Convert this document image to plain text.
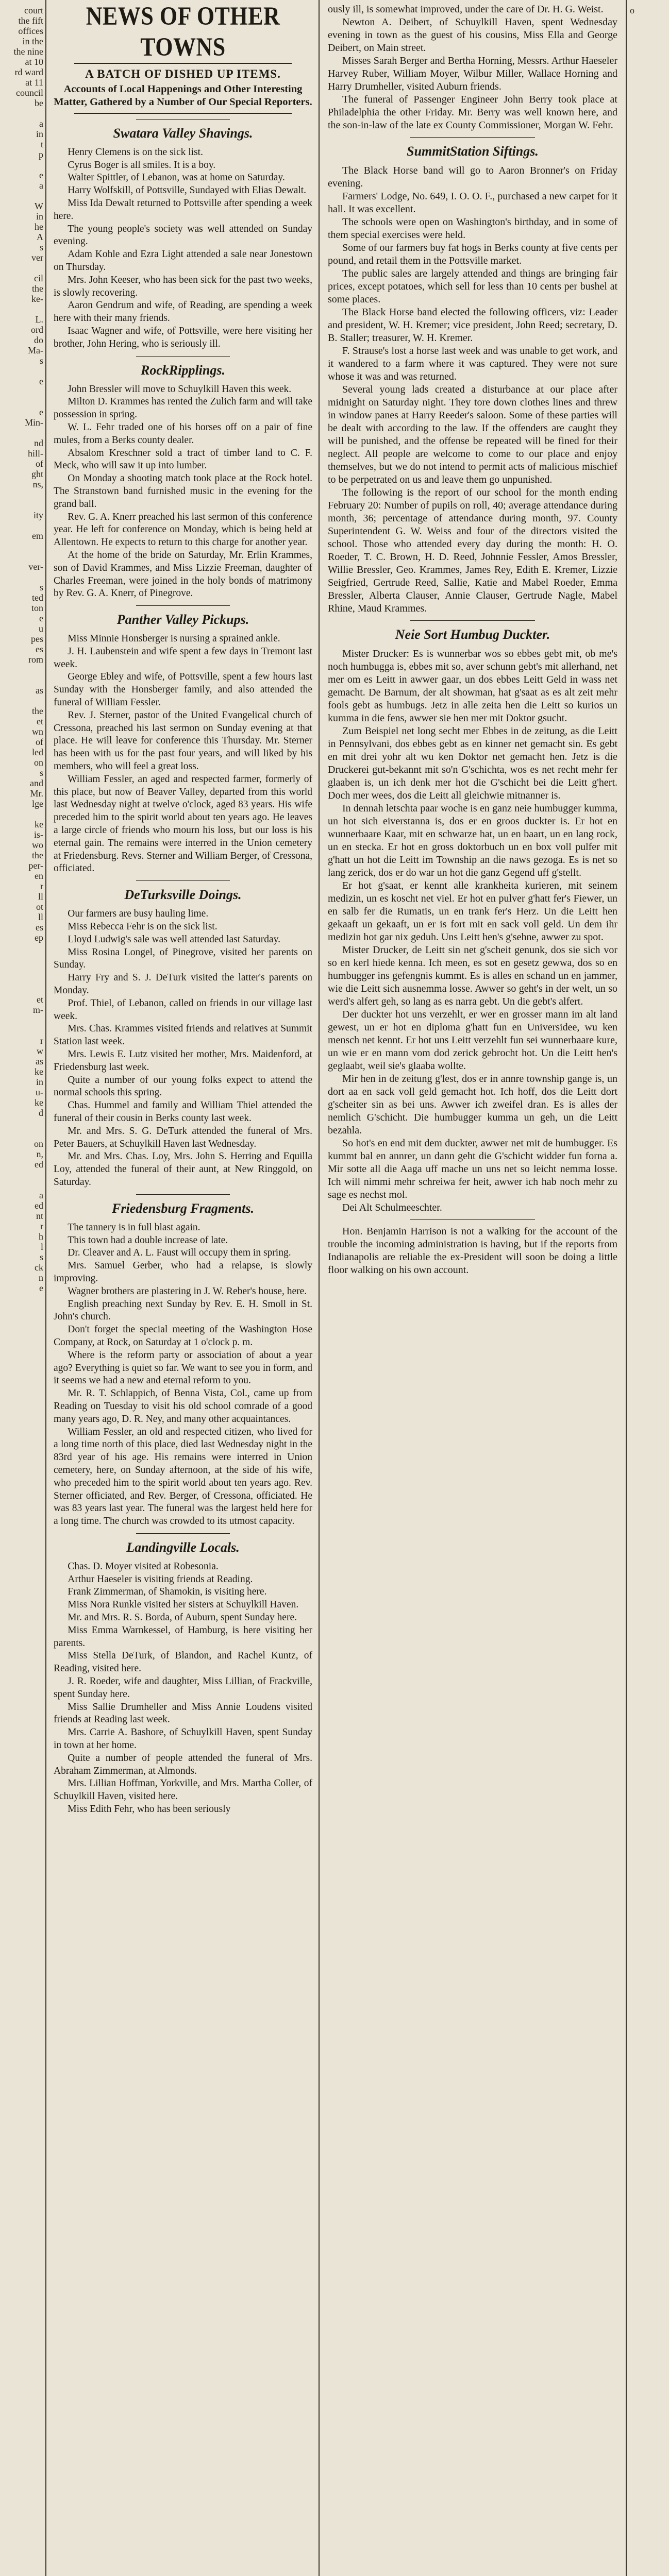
court
the fift
offices
in the
the nine
at 10
rd ward
at 11
council
be

a
in
t
p

e
a

W
in
he
A
s
ver

cil
the
ke-

L.
ord
do
Ma-
s

e

e
Min-

nd
hill-
of
ght
ns,

ity

em

ver-

s
ted
ton
e
u
pes
es
rom

as

the
et
wn
of
led
on
s
and
Mr.
lge

ke
is-
wo
the
per-
en
r
ll
ot
ll
es
ep

et
m-

r
w
as
ke
in
u-
ke
d

on
n,
ed

a
ed
nt
r
h
l
s
ck
n
e

NEWS OF OTHER TOWNS
A BATCH OF DISHED UP ITEMS.
Accounts of Local Happenings and Other Interesting Matter, Gathered by a Number of Our Special Reporters.
Swatara Valley Shavings.

Henry Clemens is on the sick list.

Cyrus Boger is all smiles. It is a boy.

Walter Spittler, of Lebanon, was at home on Saturday.

Harry Wolfskill, of Pottsville, Sundayed with Elias Dewalt.

Miss Ida Dewalt returned to Pottsville after spending a week here.

The young people's society was well attended on Sunday evening.

Adam Kohle and Ezra Light attended a sale near Jonestown on Thursday.

Mrs. John Keeser, who has been sick for the past two weeks, is slowly recovering.

Aaron Gendrum and wife, of Reading, are spending a week here with their many friends.

Isaac Wagner and wife, of Pottsville, were here visiting her brother, John Hering, who is seriously ill.

RockRipplings.

John Bressler will move to Schuylkill Haven this week.

Milton D. Krammes has rented the Zulich farm and will take possession in spring.

W. L. Fehr traded one of his horses off on a pair of fine mules, from a Berks county dealer.

Absalom Kreschner sold a tract of timber land to C. F. Meck, who will saw it up into lumber.

On Monday a shooting match took place at the Rock hotel. The Stranstown band furnished music in the evening for the grand ball.

Rev. G. A. Knerr preached his last sermon of this conference year. He left for conference on Monday, which is being held at Allentown. He expects to return to this charge for another year.

At the home of the bride on Saturday, Mr. Erlin Krammes, son of David Krammes, and Miss Lizzie Freeman, daughter of Charles Freeman, were joined in the holy bonds of matrimony by Rev. G. A. Knerr, of Pinegrove.

Panther Valley Pickups.

Miss Minnie Honsberger is nursing a sprained ankle.

J. H. Laubenstein and wife spent a few days in Tremont last week.

George Ebley and wife, of Pottsville, spent a few hours last Sunday with the Honsberger family, and also attended the funeral of William Fessler.

Rev. J. Sterner, pastor of the United Evangelical church of Cressona, preached his last sermon on Sunday evening at that place. He will leave for conference this Thursday. Mr. Sterner has been with us for the past four years, and will liked by his members, who will feel a great loss.

William Fessler, an aged and respected farmer, formerly of this place, but now of Beaver Valley, departed from this world last Wednesday night at twelve o'clock, aged 83 years. His wife preceded him to the spirit world about ten years ago. He leaves a large circle of friends who mourn his loss, but our loss is his eternal gain. The remains were interred in the Union cemetery at Friedensburg. Revs. Sterner and William Berger, of Cressona, officiated.

DeTurksville Doings.

Our farmers are busy hauling lime.

Miss Rebecca Fehr is on the sick list.

Lloyd Ludwig's sale was well attended last Saturday.

Miss Rosina Longel, of Pinegrove, visited her parents on Sunday.

Harry Fry and S. J. DeTurk visited the latter's parents on Monday.

Prof. Thiel, of Lebanon, called on friends in our village last week.

Mrs. Chas. Krammes visited friends and relatives at Summit Station last week.

Mrs. Lewis E. Lutz visited her mother, Mrs. Maidenford, at Friedensburg last week.

Quite a number of our young folks expect to attend the normal schools this spring.

Chas. Hummel and family and William Thiel attended the funeral of their cousin in Berks county last week.

Mr. and Mrs. S. G. DeTurk attended the funeral of Mrs. Peter Bauers, at Schuylkill Haven last Wednesday.

Mr. and Mrs. Chas. Loy, Mrs. John S. Herring and Equilla Loy, attended the funeral of their aunt, at New Ringgold, on Saturday.

Friedensburg Fragments.

The tannery is in full blast again.

This town had a double increase of late.

Dr. Cleaver and A. L. Faust will occupy them in spring.

Mrs. Samuel Gerber, who had a relapse, is slowly improving.

Wagner brothers are plastering in J. W. Reber's house, here.

English preaching next Sunday by Rev. E. H. Smoll in St. John's church.

Don't forget the special meeting of the Washington Hose Company, at Rock, on Saturday at 1 o'clock p. m.

Where is the reform party or association of about a year ago? Everything is quiet so far. We want to see you in form, and it seems we had a new and eternal reform to you.

Mr. R. T. Schlappich, of Benna Vista, Col., came up from Reading on Tuesday to visit his old school comrade of a good many years ago, D. R. Ney, and many other acquaintances.

William Fessler, an old and respected citizen, who lived for a long time north of this place, died last Wednesday night in the 83rd year of his age. His remains were interred in Union cemetery, here, on Sunday afternoon, at the side of his wife, who preceded him to the spirit world about ten years ago. Rev. Sterner officiated, and Rev. Berger, of Cressona, officiated. He was 83 years last year. The funeral was the largest held here for a long time. The church was crowded to its utmost capacity.

Landingville Locals.

Chas. D. Moyer visited at Robesonia.

Arthur Haeseler is visiting friends at Reading.

Frank Zimmerman, of Shamokin, is visiting here.

Miss Nora Runkle visited her sisters at Schuylkill Haven.

Mr. and Mrs. R. S. Borda, of Auburn, spent Sunday here.

Miss Emma Warnkessel, of Hamburg, is here visiting her parents.

Miss Stella DeTurk, of Blandon, and Rachel Kuntz, of Reading, visited here.

J. R. Roeder, wife and daughter, Miss Lillian, of Frackville, spent Sunday here.

Miss Sallie Drumheller and Miss Annie Loudens visited friends at Reading last week.

Mrs. Carrie A. Bashore, of Schuylkill Haven, spent Sunday in town at her home.

Quite a number of people attended the funeral of Mrs. Abraham Zimmerman, at Almonds.

Mrs. Lillian Hoffman, Yorkville, and Mrs. Martha Coller, of Schuylkill Haven, visited here.

Miss Edith Fehr, who has been seriously

ously ill, is somewhat improved, under the care of Dr. H. G. Weist.

Newton A. Deibert, of Schuylkill Haven, spent Wednesday evening in town as the guest of his cousins, Miss Ella and George Deibert, on Main street.

Misses Sarah Berger and Bertha Horning, Messrs. Arthur Haeseler Harvey Ruber, William Moyer, Wilbur Miller, Wallace Horning and Harry Drumheller, visited Auburn friends.

The funeral of Passenger Engineer John Berry took place at Philadelphia the other Friday. Mr. Berry was well known here, and the son-in-law of the late ex County Commissioner, Morgan W. Fehr.

SummitStation Siftings.

The Black Horse band will go to Aaron Bronner's on Friday evening.

Farmers' Lodge, No. 649, I. O. O. F., purchased a new carpet for it hall. It was excellent.

The schools were open on Washington's birthday, and in some of them special exercises were held.

Some of our farmers buy fat hogs in Berks county at five cents per pound, and retail them in the Pottsville market.

The public sales are largely attended and things are bringing fair prices, except potatoes, which sell for less than 10 cents per bushel at some places.

The Black Horse band elected the following officers, viz: Leader and president, W. H. Kremer; vice president, John Reed; secretary, D. B. Staller; treasurer, W. H. Kremer.

F. Strause's lost a horse last week and was unable to get work, and it wandered to a farm where it was captured. They were not sure whose it was and was returned.

Several young lads created a disturbance at our place after midnight on Saturday night. They tore down clothes lines and threw in window panes at Harry Reeder's saloon. Some of these parties will be dealt with according to the law. If the offenders are caught they will be punished, and the offense be repeated will be fined for their neglect. All people are welcome to come to our place and enjoy themselves, but we do not intend to permit acts of malicious mischief to be perpetrated on us and leave them go unpunished.

The following is the report of our school for the month ending February 20: Number of pupils on roll, 40; average attendance during month, 36; percentage of attendance during month, 97. County Superintendent G. W. Weiss and four of the directors visited the school. Those who attended every day during the month: H. O. Roeder, T. C. Brown, H. D. Reed, Johnnie Fessler, Amos Bressler, Willie Bressler, Geo. Krammes, James Rey, Edith E. Kremer, Lizzie Seigfried, Gertrude Reed, Sallie, Katie and Mabel Roeder, Emma Bressler, Alberta Clauser, Annie Clauser, Gertrude Nagle, Mabel Rhine, Maud Krammes.

Neie Sort Humbug Duckter.

Mister Drucker: Es is wunnerbar wos so ebbes gebt mit, ob me's noch humbugga is, ebbes mit so, aver schunn gebt's mit allerhand, net mer om es Leitt in awwer gaar, un dos ebbes Leitt Geld in wass net gemacht. De Barnum, der alt showman, hat g'saat as es alt zeit mehr fools gebt as humbugs. Jetz in alle zeita hen die Leitt so kurios un kumma in die fens, awwer sie hen mer mit Doktor gsucht.

Zum Beispiel net long secht mer Ebbes in de zeitung, as die Leitt in Pennsylvani, dos ebbes gebt as en kinner net gemacht sin. Es gebt en mit drei yohr alt wu ken Doktor net gemacht hen. Jetz is die Druckerei gut-bekannt mit so'n G'schichta, wos es net recht mehr fer glaaben is, un ich denk mer hot die G'schicht bei die Leitt g'hert. Doch mer wees, dos die Leitt all gleichwie mitnanner is.

In dennah letschta paar woche is en ganz neie humbugger kumma, un hot sich eiverstanna is, dos er en groos duckter is. Er hot en wunnerbaare Kaar, mit en schwarze hat, un en baart, un en lang rock, un en stecka. Er hot en gross doktorbuch un en box voll pulfer mit g'hatt un hot die Leitt im Township an die naws gezoga. Es is net so lang zerick, dos er do war un hot die ganz Gegend uff g'stellt.

Er hot g'saat, er kennt alle krankheita kurieren, mit seinem medizin, un es koscht net viel. Er hot en pulver g'hatt fer's Fiewer, un en salb fer die Rumatis, un en trank fer's Herz. Un die Leitt hen gekaaft un gekaaft, un er is fort mit en sack voll geld. Un dem ihr medizin hot gar nix geduh. Uns Leitt hen's g'sehne, awwer zu spot.

Mister Drucker, de Leitt sin net g'scheit genunk, dos sie sich vor so en kerl hiede kenna. Ich meen, es sot en gesetz gewwa, dos so en humbugger ins gefengnis kummt. Es is alles en schand un en jammer, wie die Leitt sich ausnemma losse. Awwer so geht's in der welt, un so werd's alfert geh, so lang as es narra gebt. Un die gebt's alfert.

Der duckter hot uns verzehlt, er wer en grosser mann im alt land gewest, un er hot en diploma g'hatt fun en Universidee, wu ken mensch net kennt. Er hot uns Leitt verzehlt fun sei wunnerbaare kure, un wie er en mann vom dod zerick gebrocht hot. Un die Leitt hen's geglaabt, weil sie's glaaba wollte.

Mir hen in de zeitung g'lest, dos er in annre township gange is, un dort aa en sack voll geld gemacht hot. Ich hoff, dos die Leitt dort g'scheiter sin as bei uns. Awwer ich zweifel dran. Es is alles der nemlich G'schicht. Die humbugger kumma un geh, un die Leitt bezahla.

So hot's en end mit dem duckter, awwer net mit de humbugger. Es kummt bal en annrer, un dann geht die G'schicht widder fun forna a. Mir sotte all die Aaga uff mache un uns net so leicht nemma losse. Ich will nimmi mehr schreiwa fer heit, awwer ich hab noch mehr zu sage es nechst mol.

Dei Alt Schulmeeschter.

Hon. Benjamin Harrison is not a walking for the account of the trouble the incoming administration is having, but if the reports from Indianapolis are reliable the ex-President will soon be doing a little floor walking on his own account.

o
